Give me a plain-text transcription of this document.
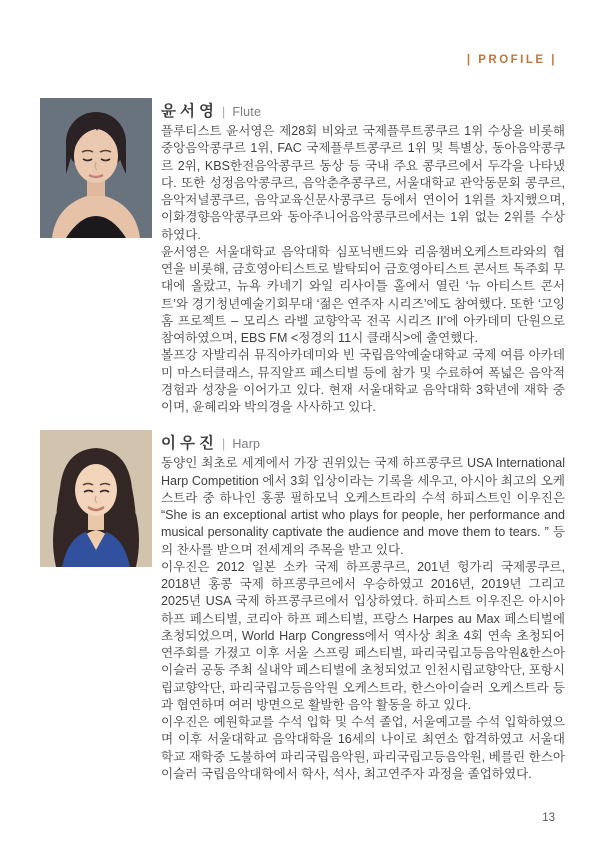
| PROFILE |
윤서영 | Flute

플루티스트 윤서영은 제28회 비와코 국제플루트콩쿠르 1위 수상을 비롯해 중앙음악콩쿠르 1위, FAC 국제플루트콩쿠르 1위 및 특별상, 동아음악콩쿠르 2위, KBS한전음악콩쿠르 동상 등 국내 주요 콩쿠르에서 두각을 나타냈다. 또한 성정음악콩쿠르, 음악춘추콩쿠르, 서울대학교 관악동문회 콩쿠르, 음악저널콩쿠르, 음악교육신문사콩쿠르 등에서 연이어 1위를 차지했으며, 이화경향음악콩쿠르와 동아주니어음악콩쿠르에서는 1위 없는 2위를 수상하였다.

윤서영은 서울대학교 음악대학 심포닉밴드와 리움챔버오케스트라와의 협연을 비롯해, 금호영아티스트로 발탁되어 금호영아티스트 콘서트 독주회 무대에 올랐고, 뉴욕 카네기 와일 리사이틀 홀에서 열린 ‘뉴 아티스트 콘서트’와 경기청년예술기회무대 ‘젊은 연주자 시리즈’에도 참여했다. 또한 ‘고잉홈 프로젝트 – 모리스 라벨 교향악곡 전곡 시리즈 II’에 아카데미 단원으로 참여하였으며, EBS FM <정경의 11시 클래식>에 출연했다.

볼프강 자발리쉬 뮤직아카데미와 빈 국립음악예술대학교 국제 여름 아카데미 마스터클래스, 뮤직알프 페스티벌 등에 참가 및 수료하여 폭넓은 음악적 경험과 성장을 이어가고 있다. 현재 서울대학교 음악대학 3학년에 재학 중이며, 윤혜리와 박의경을 사사하고 있다.

이우진 | Harp

동양인 최초로 세계에서 가장 권위있는 국제 하프콩쿠르 USA International Harp Competition 에서 3회 입상이라는 기록을 세우고, 아시아 최고의 오케스트라 중 하나인 홍콩 필하모닉 오케스트라의 수석 하피스트인 이우진은 “She is an exceptional artist who plays for people, her performance and musical personality captivate the audience and move them to tears. ” 등의 찬사를 받으며 전세계의 주목을 받고 있다.

이우진은 2012 일본 소카 국제 하프콩쿠르, 201년 헝가리 국제콩쿠르, 2018년 홍콩 국제 하프콩쿠르에서 우승하였고 2016년, 2019년 그리고 2025년 USA 국제 하프콩쿠르에서 입상하였다. 하피스트 이우진은 아시아 하프 페스티벌, 코리아 하프 페스티벌, 프랑스 Harpes au Max 페스티벌에 초청되었으며, World Harp Congress에서 역사상 최초 4회 연속 초청되어 연주회를 가졌고 이후 서울 스프링 페스티벌, 파리국립고등음악원&한스아이슬러 공동 주최 실내악 페스티벌에 초청되었고 인천시립교향악단, 포항시립교향악단, 파리국립고등음악원 오케스트라, 한스아이슬러 오케스트라 등과 협연하며 여러 방면으로 활발한 음악 활동을 하고 있다.

이우진은 예원학교를 수석 입학 및 수석 졸업, 서울예고를 수석 입학하였으며 이후 서울대학교 음악대학을 16세의 나이로 최연소 합격하였고 서울대학교 재학중 도불하여 파리국립음악원, 파리국립고등음악원, 베를린 한스아이슬러 국립음악대학에서 학사, 석사, 최고연주자 과정을 졸업하였다.

13
